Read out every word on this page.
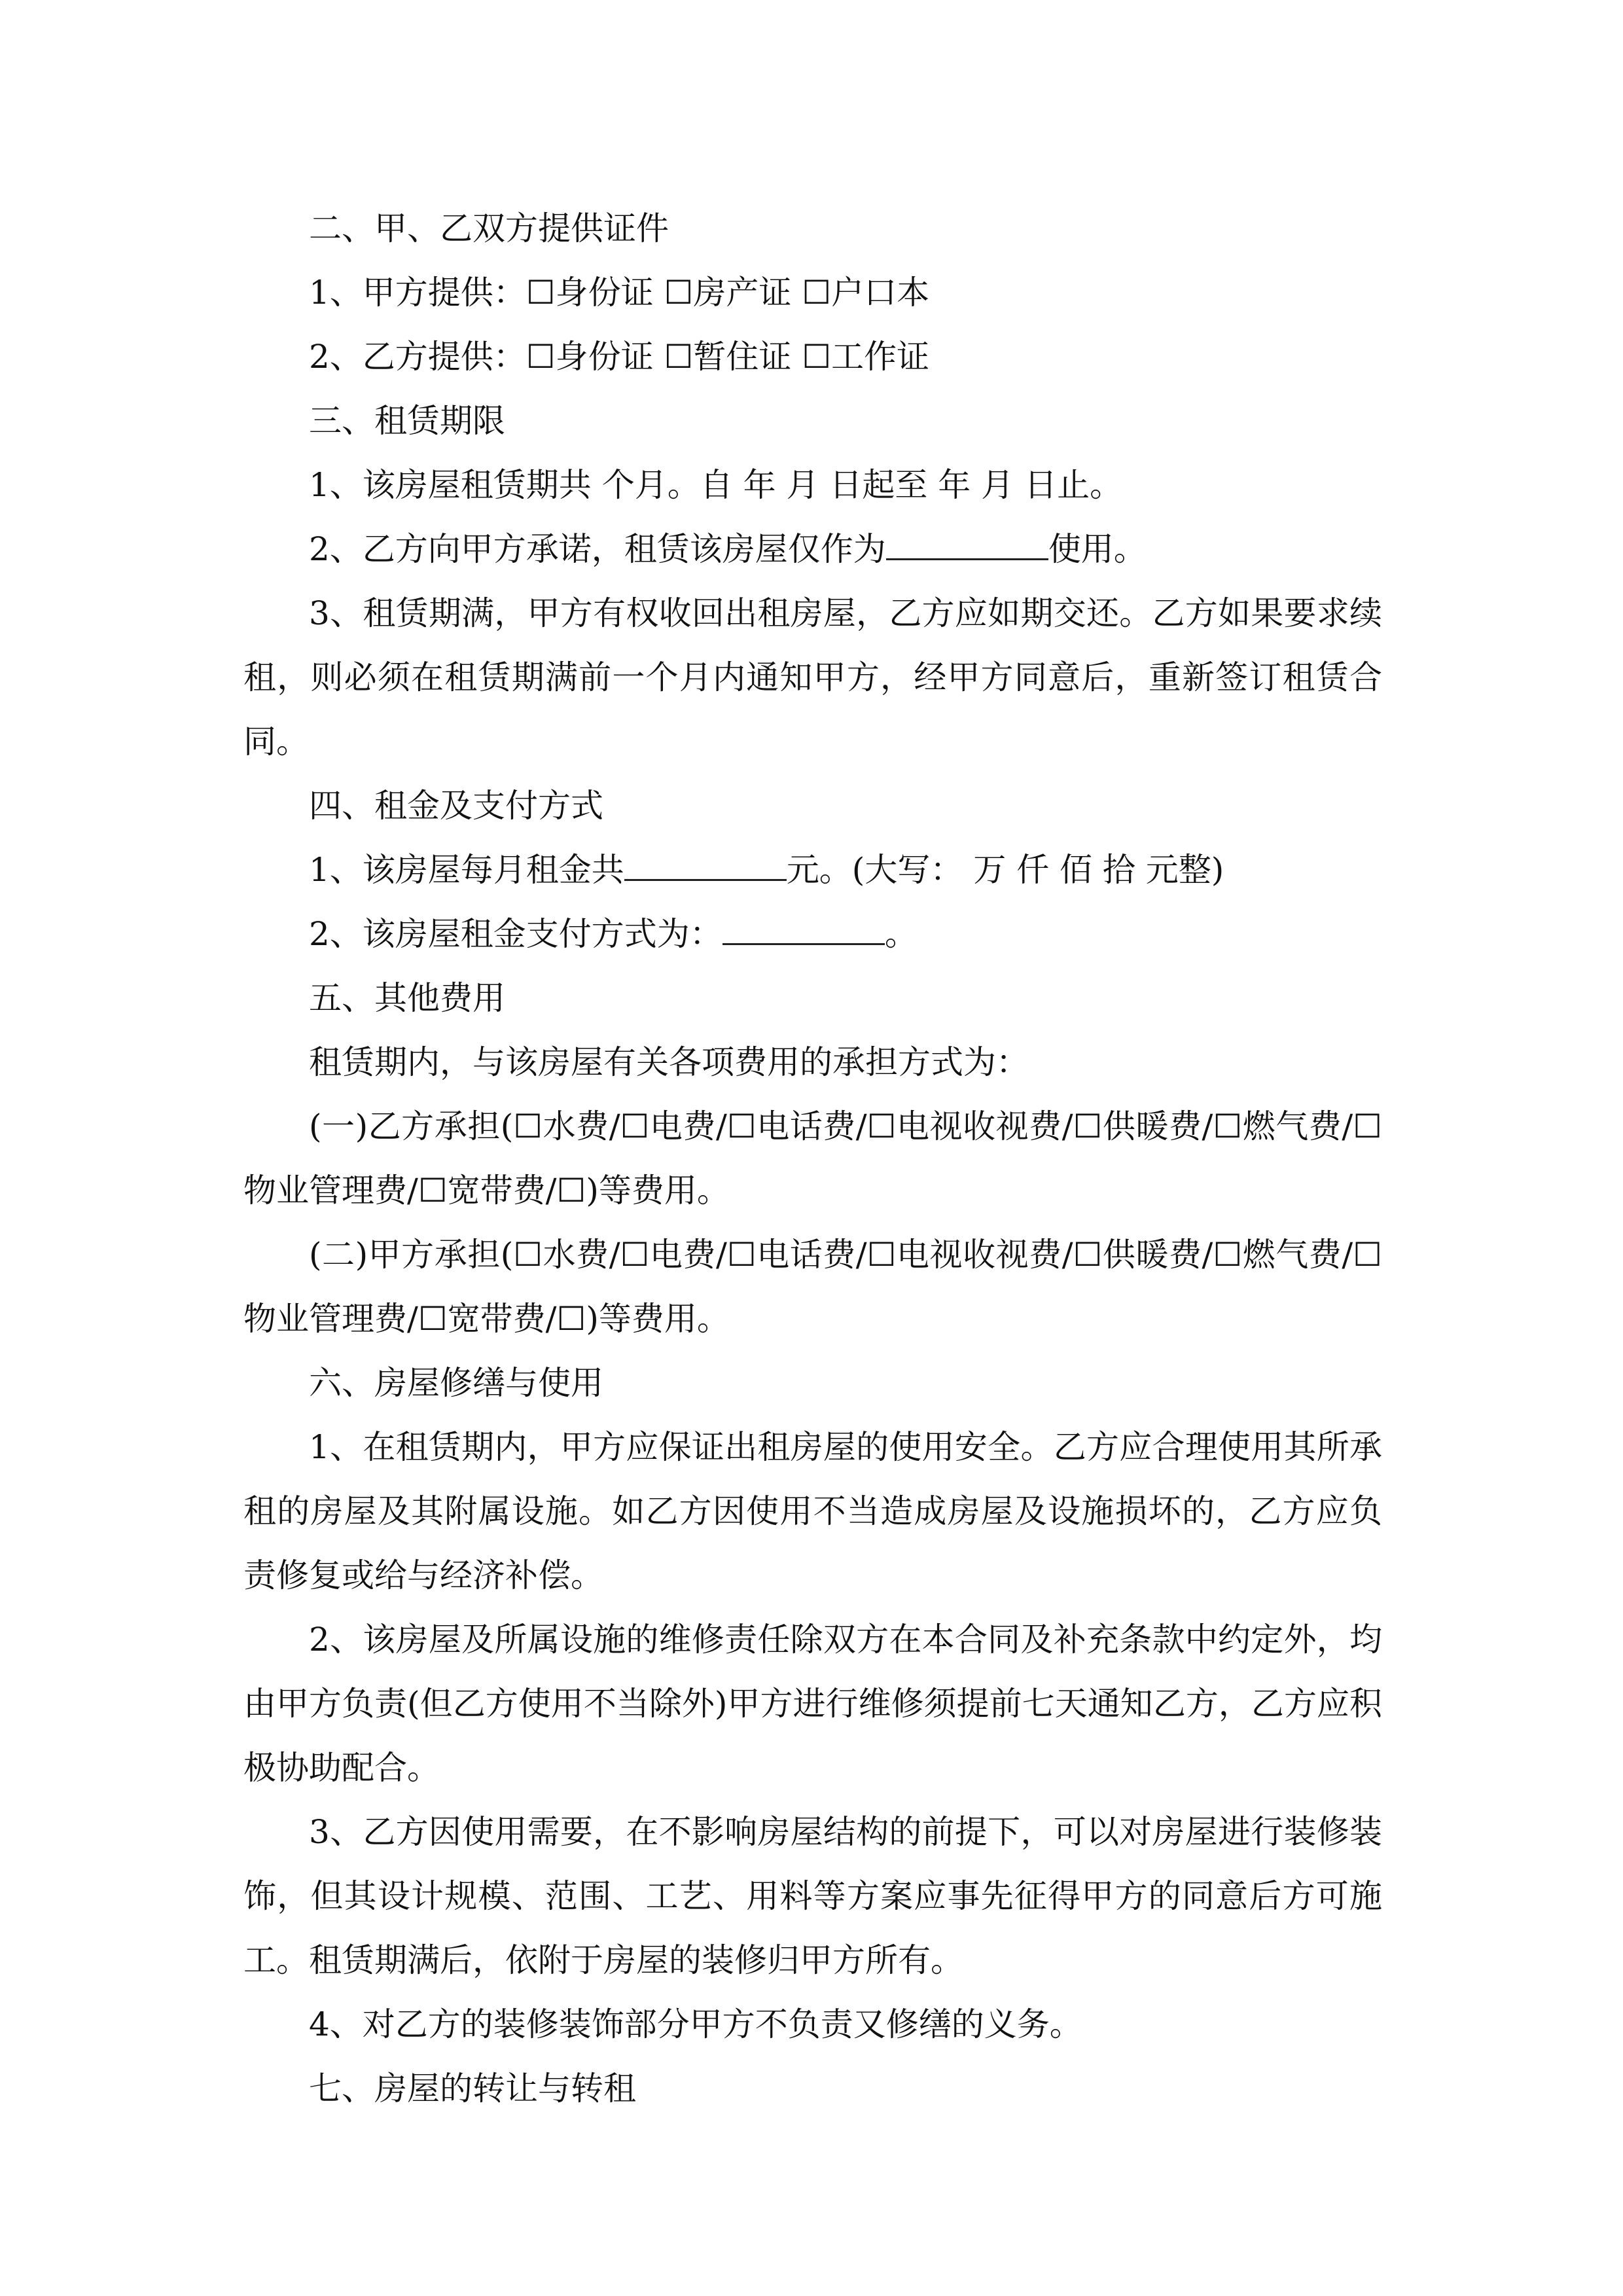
二、甲、乙双方提供证件

1、甲方提供：☐身份证 ☐房产证 ☐户口本

2、乙方提供：☐身份证 ☐暂住证 ☐工作证

三、租赁期限

1、该房屋租赁期共 个月。自 年 月 日起至 年 月 日止。

2、乙方向甲方承诺，租赁该房屋仅作为	使用。

3、租赁期满，甲方有权收回出租房屋，乙方应如期交还。乙方如果要求续租，则必须在租赁期满前一个月内通知甲方，经甲方同意后，重新签订租赁合同。

四、租金及支付方式

1、该房屋每月租金共	元。(大写： 万 仟 佰 拾 元整)

2、该房屋租金支付方式为：	。

五、其他费用

租赁期内，与该房屋有关各项费用的承担方式为：

(一)乙方承担(☐水费/☐电费/☐电话费/☐电视收视费/☐供暖费/☐燃气费/☐物业管理费/☐宽带费/☐)等费用。

(二)甲方承担(☐水费/☐电费/☐电话费/☐电视收视费/☐供暖费/☐燃气费/☐物业管理费/☐宽带费/☐)等费用。

六、房屋修缮与使用

1、在租赁期内，甲方应保证出租房屋的使用安全。乙方应合理使用其所承租的房屋及其附属设施。如乙方因使用不当造成房屋及设施损坏的，乙方应负责修复或给与经济补偿。

2、该房屋及所属设施的维修责任除双方在本合同及补充条款中约定外，均由甲方负责(但乙方使用不当除外)甲方进行维修须提前七天通知乙方，乙方应积极协助配合。

3、乙方因使用需要，在不影响房屋结构的前提下，可以对房屋进行装修装饰，但其设计规模、范围、工艺、用料等方案应事先征得甲方的同意后方可施工。租赁期满后，依附于房屋的装修归甲方所有。

4、对乙方的装修装饰部分甲方不负责又修缮的义务。

七、房屋的转让与转租
